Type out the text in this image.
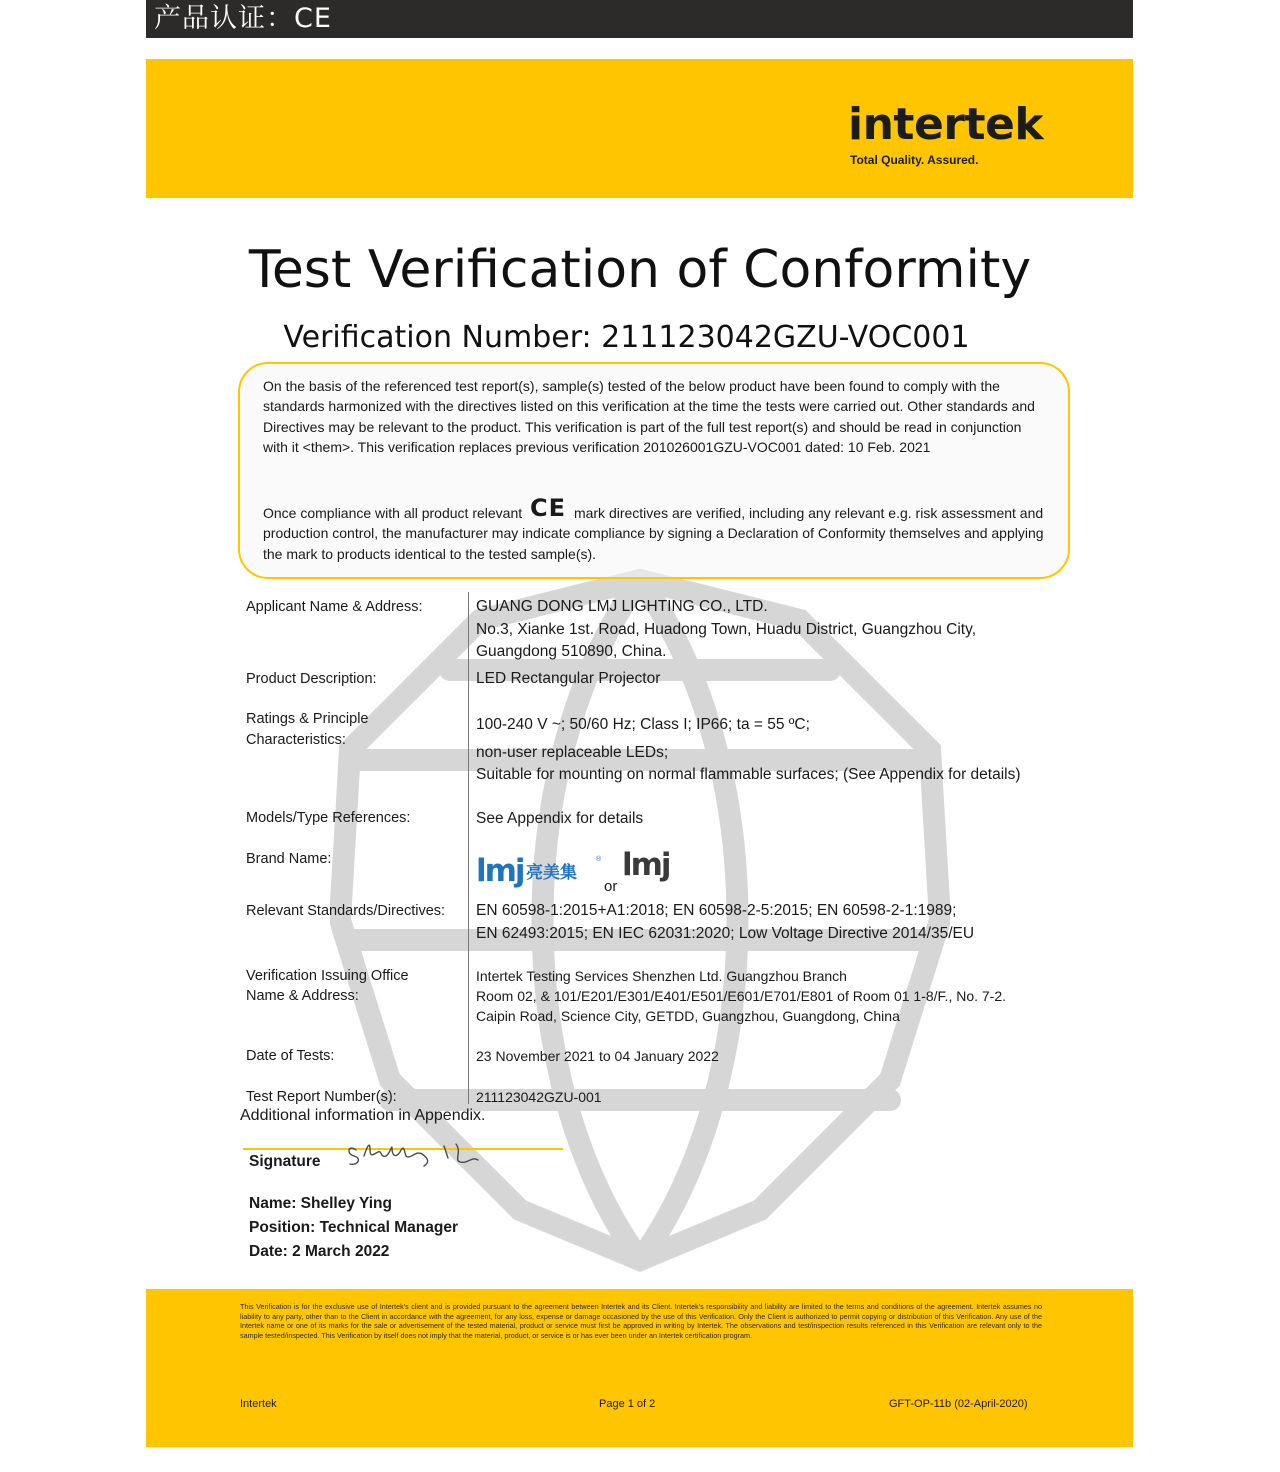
产品认证：CE
intertek
Total Quality. Assured.
Test Verification of Conformity
Verification Number: 211123042GZU-VOC001

On the basis of the referenced test report(s), sample(s) tested of the below product have been found to comply with the standards harmonized with the directives listed on this verification at the time the tests were carried out. Other standards and Directives may be relevant to the product. This verification is part of the full test report(s) and should be read in conjunction with it <them>. This verification replaces previous verification 201026001GZU-VOC001 dated: 10 Feb. 2021

Once compliance with all product relevant CE mark directives are verified, including any relevant e.g. risk assessment and production control, the manufacturer may indicate compliance by signing a Declaration of Conformity themselves and applying the mark to products identical to the tested sample(s).

Applicant Name & Address:	GUANG DONG LMJ LIGHTING CO., LTD.
No.3, Xianke 1st. Road, Huadong Town, Huadu District, Guangzhou City,
Guangdong 510890, China.
Product Description:	LED Rectangular Projector
Ratings & Principle
Characteristics:
100-240 V ~; 50/60 Hz; Class I; IP66; ta = 55 ºC;
non-user replaceable LEDs;
Suitable for mounting on normal flammable surfaces; (See Appendix for details)
Models/Type References:	See Appendix for details
Brand Name:	lmj 亮美集
®
or
lmj
Relevant Standards/Directives: EN 60598-1:2015+A1:2018; EN 60598-2-5:2015; EN 60598-2-1:1989;
EN 62493:2015; EN IEC 62031:2020; Low Voltage Directive 2014/35/EU
Verification Issuing Office
Name & Address:
Intertek Testing Services Shenzhen Ltd. Guangzhou Branch
Room 02, & 101/E201/E301/E401/E501/E601/E701/E801 of Room 01 1-8/F., No. 7-2.
Caipin Road, Science City, GETDD, Guangzhou, Guangdong, China
Date of Tests:	23 November 2021 to 04 January 2022
Test Report Number(s):	211123042GZU-001
Additional information in Appendix.
Signature
Name: Shelley Ying
Position: Technical Manager
Date: 2 March 2022
This Verification is for the exclusive use of Intertek's client and is provided pursuant to the agreement between Intertek and its Client. Intertek's responsibility and liability are limited to the terms and conditions of the agreement. Intertek assumes no liability to any party, other than to the Client in accordance with the agreement, for any loss, expense or damage occasioned by the use of this Verification. Only the Client is authorized to permit copying or distribution of this Verification. Any use of the Intertek name or one of its marks for the sale or advertisement of the tested material, product or service must first be approved in writing by Intertek. The observations and test/inspection results referenced in this Verification are relevant only to the sample tested/inspected. This Verification by itself does not imply that the material, product, or service is or has ever been under an Intertek certification program.
Intertek	Page 1 of 2	GFT-OP-11b (02-April-2020)
